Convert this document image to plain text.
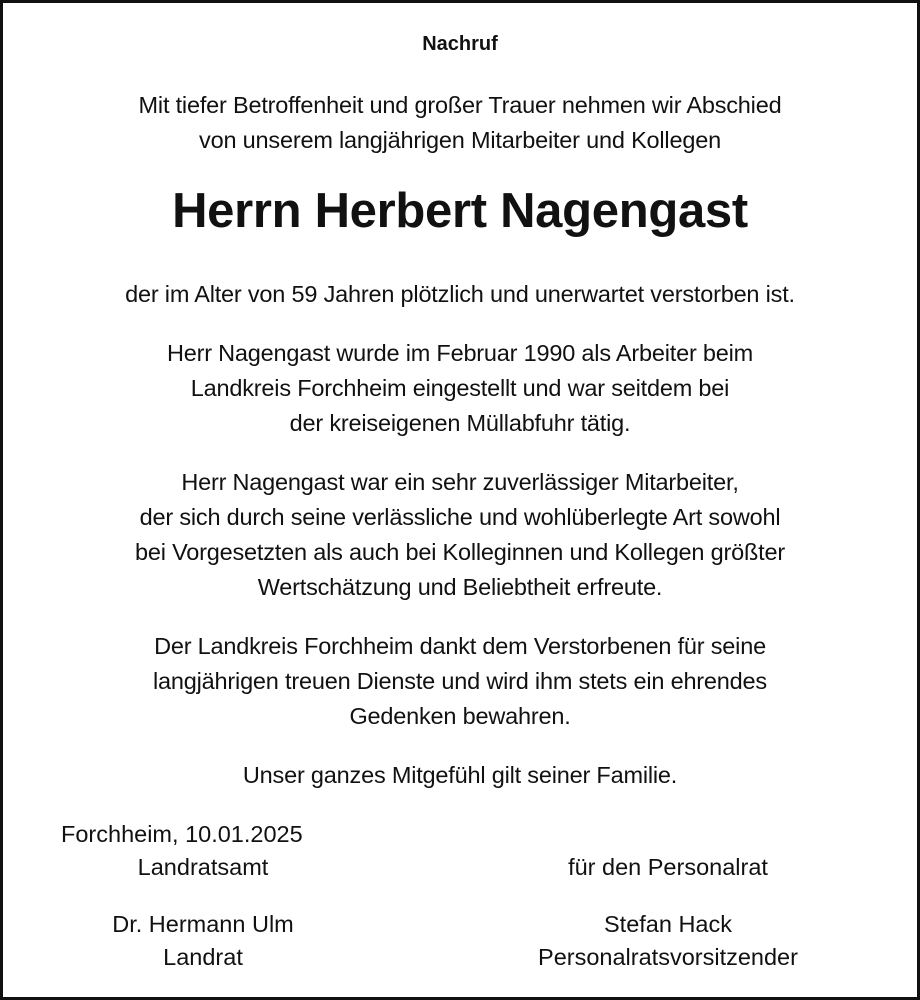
Nachruf
Mit tiefer Betroffenheit und großer Trauer nehmen wir Abschied
von unserem langjährigen Mitarbeiter und Kollegen
Herrn Herbert Nagengast
der im Alter von 59 Jahren plötzlich und unerwartet verstorben ist.
Herr Nagengast wurde im Februar 1990 als Arbeiter beim
Landkreis Forchheim eingestellt und war seitdem bei
der kreiseigenen Müllabfuhr tätig.
Herr Nagengast war ein sehr zuverlässiger Mitarbeiter,
der sich durch seine verlässliche und wohlüberlegte Art sowohl
bei Vorgesetzten als auch bei Kolleginnen und Kollegen größter
Wertschätzung und Beliebtheit erfreute.
Der Landkreis Forchheim dankt dem Verstorbenen für seine
langjährigen treuen Dienste und wird ihm stets ein ehrendes
Gedenken bewahren.
Unser ganzes Mitgefühl gilt seiner Familie.
Forchheim, 10.01.2025
Landratsamt
Dr. Hermann Ulm
Landrat
für den Personalrat
Stefan Hack
Personalratsvorsitzender
